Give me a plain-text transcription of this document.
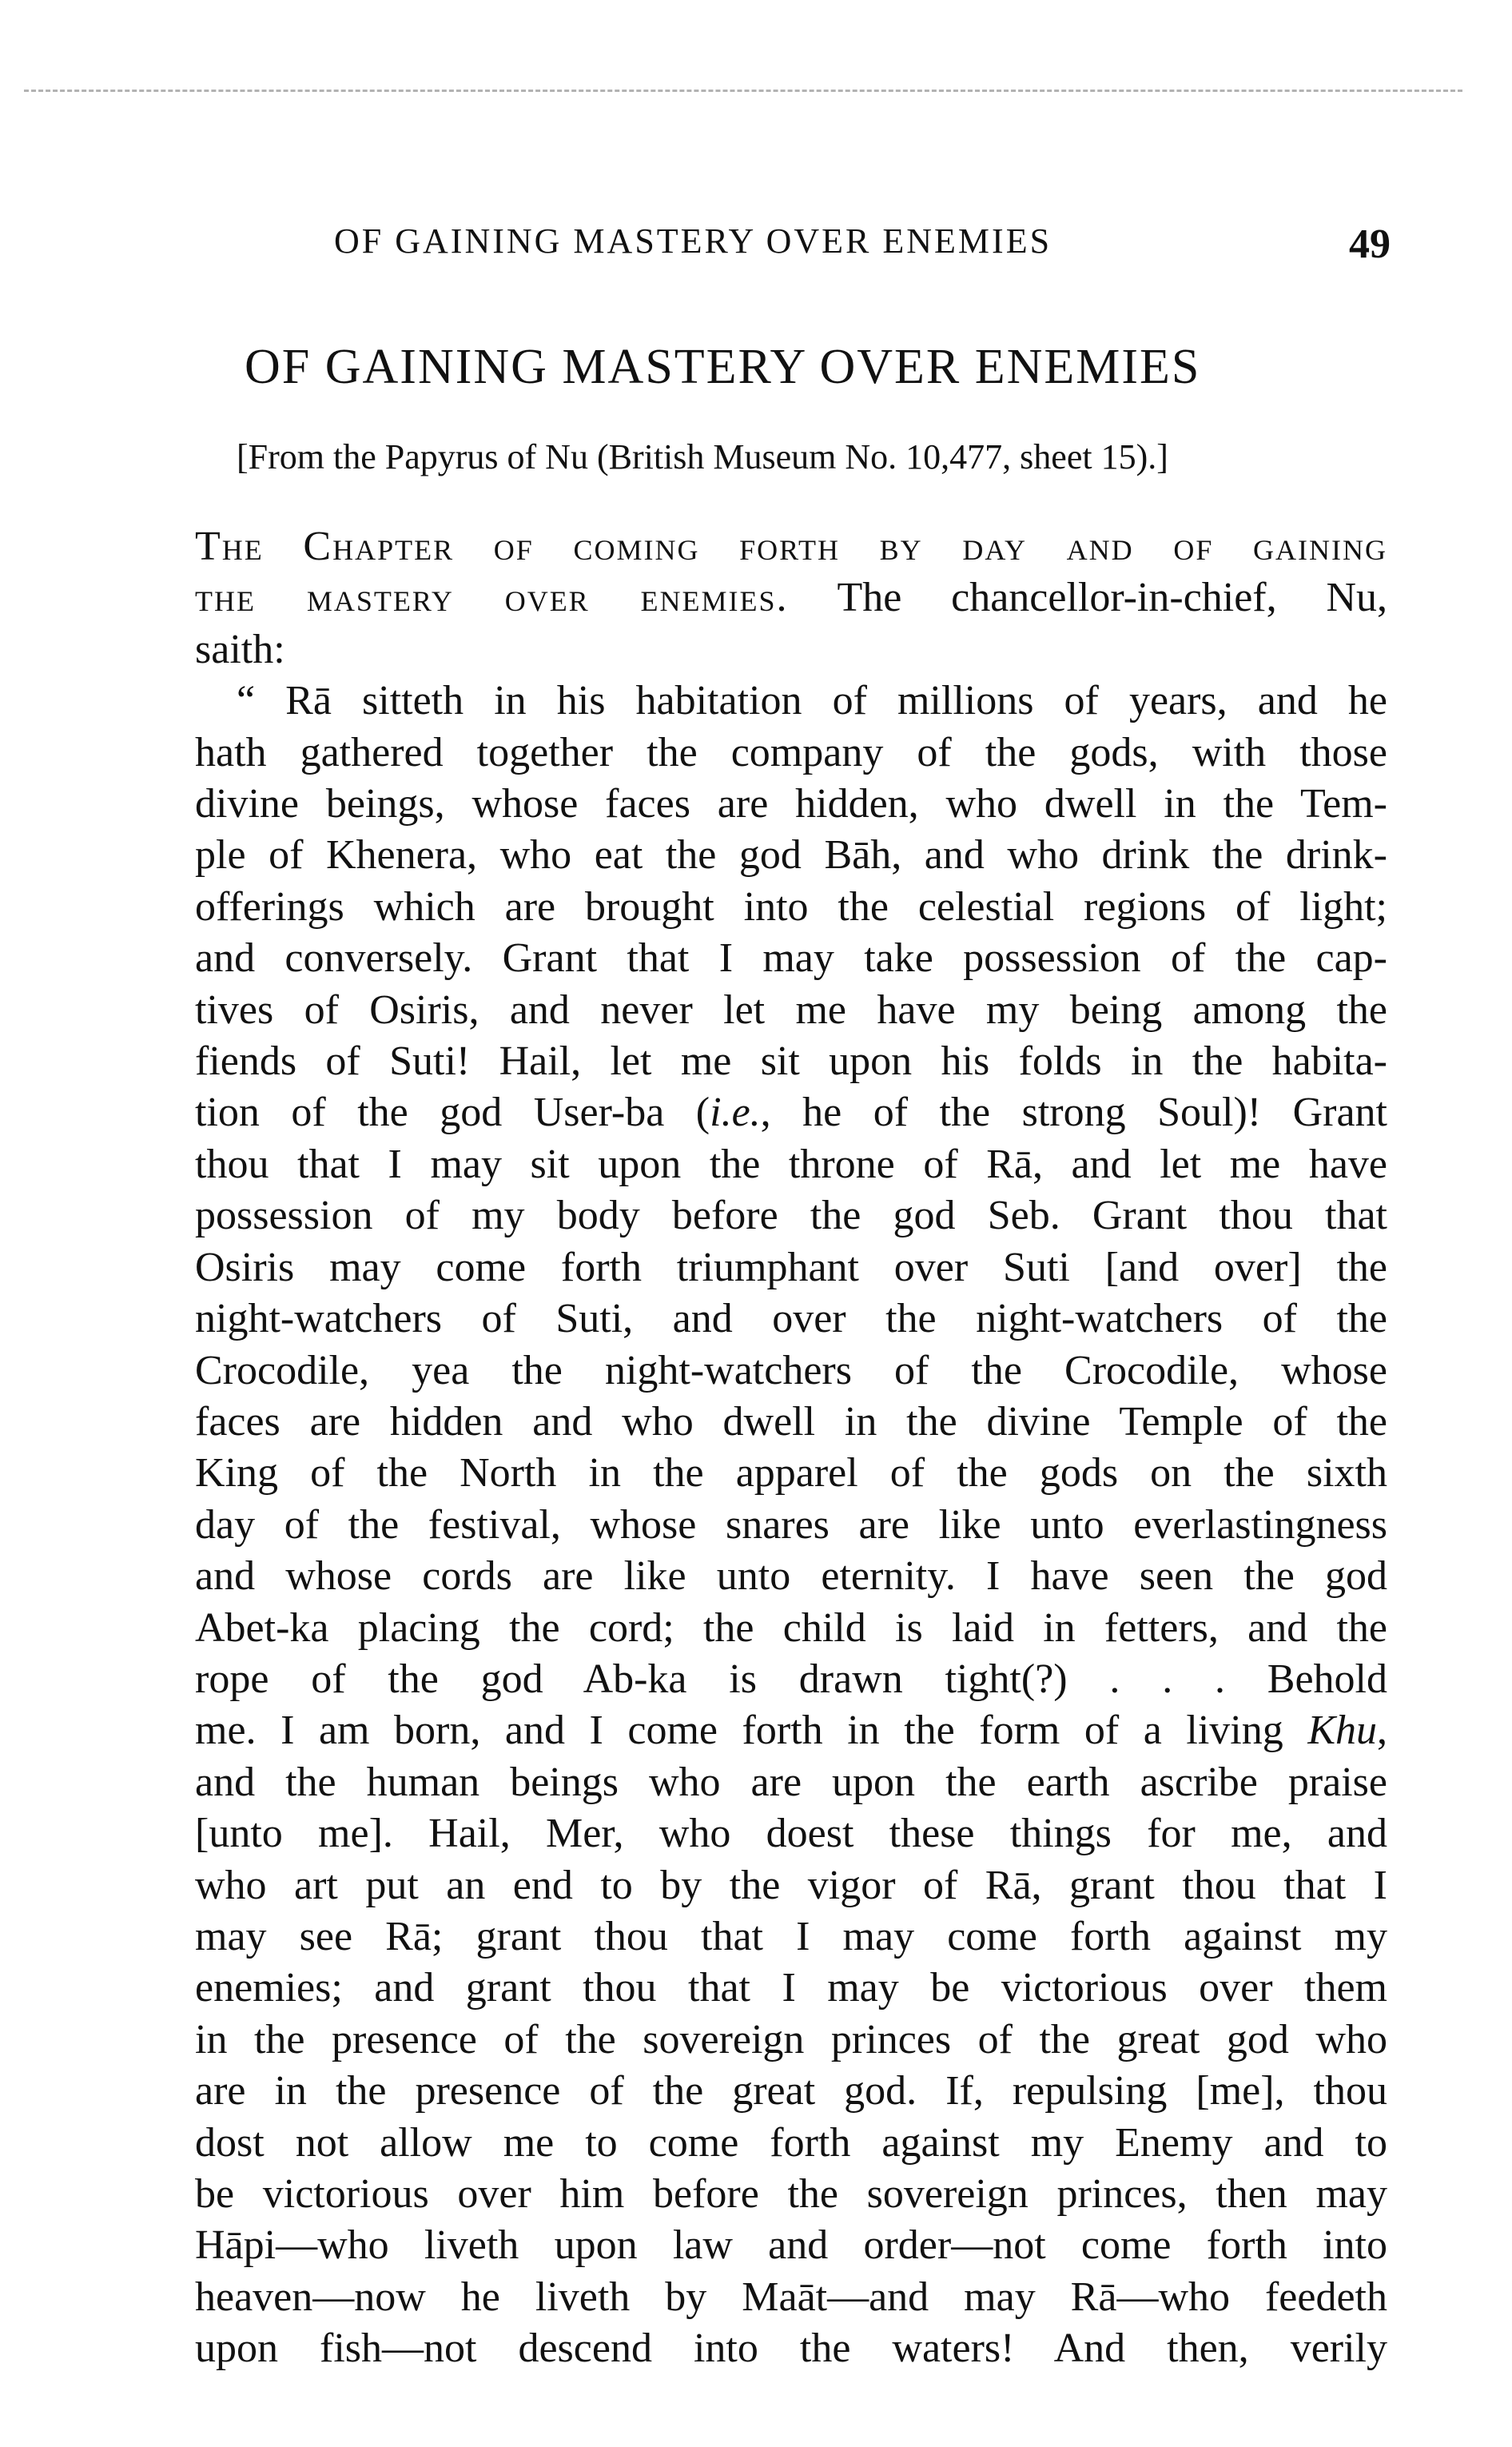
OF GAINING MASTERY OVER ENEMIES	49
OF GAINING MASTERY OVER ENEMIES
[From the Papyrus of Nu (British Museum No. 10,477, sheet 15).]

The Chapter of coming forth by day and of gaining
the mastery over enemies. The chancellor-in-chief, Nu,
saith:

“ Rā sitteth in his habitation of millions of years, and he
hath gathered together the company of the gods, with those
divine beings, whose faces are hidden, who dwell in the Tem-
ple of Khenera, who eat the god Bāh, and who drink the drink-
offerings which are brought into the celestial regions of light;
and conversely. Grant that I may take possession of the cap-
tives of Osiris, and never let me have my being among the
fiends of Suti! Hail, let me sit upon his folds in the habita-
tion of the god User-ba (i.e., he of the strong Soul)! Grant
thou that I may sit upon the throne of Rā, and let me have
possession of my body before the god Seb. Grant thou that
Osiris may come forth triumphant over Suti [and over] the
night-watchers of Suti, and over the night-watchers of the
Crocodile, yea the night-watchers of the Crocodile, whose
faces are hidden and who dwell in the divine Temple of the
King of the North in the apparel of the gods on the sixth
day of the festival, whose snares are like unto everlastingness
and whose cords are like unto eternity. I have seen the god
Abet-ka placing the cord; the child is laid in fetters, and the
rope of the god Ab-ka is drawn tight(?) . . . Behold
me. I am born, and I come forth in the form of a living Khu,
and the human beings who are upon the earth ascribe praise
[unto me]. Hail, Mer, who doest these things for me, and
who art put an end to by the vigor of Rā, grant thou that I
may see Rā; grant thou that I may come forth against my
enemies; and grant thou that I may be victorious over them
in the presence of the sovereign princes of the great god who
are in the presence of the great god. If, repulsing [me], thou
dost not allow me to come forth against my Enemy and to
be victorious over him before the sovereign princes, then may
Hāpi—who liveth upon law and order—not come forth into
heaven—now he liveth by Maāt—and may Rā—who feedeth
upon fish—not descend into the waters! And then, verily
